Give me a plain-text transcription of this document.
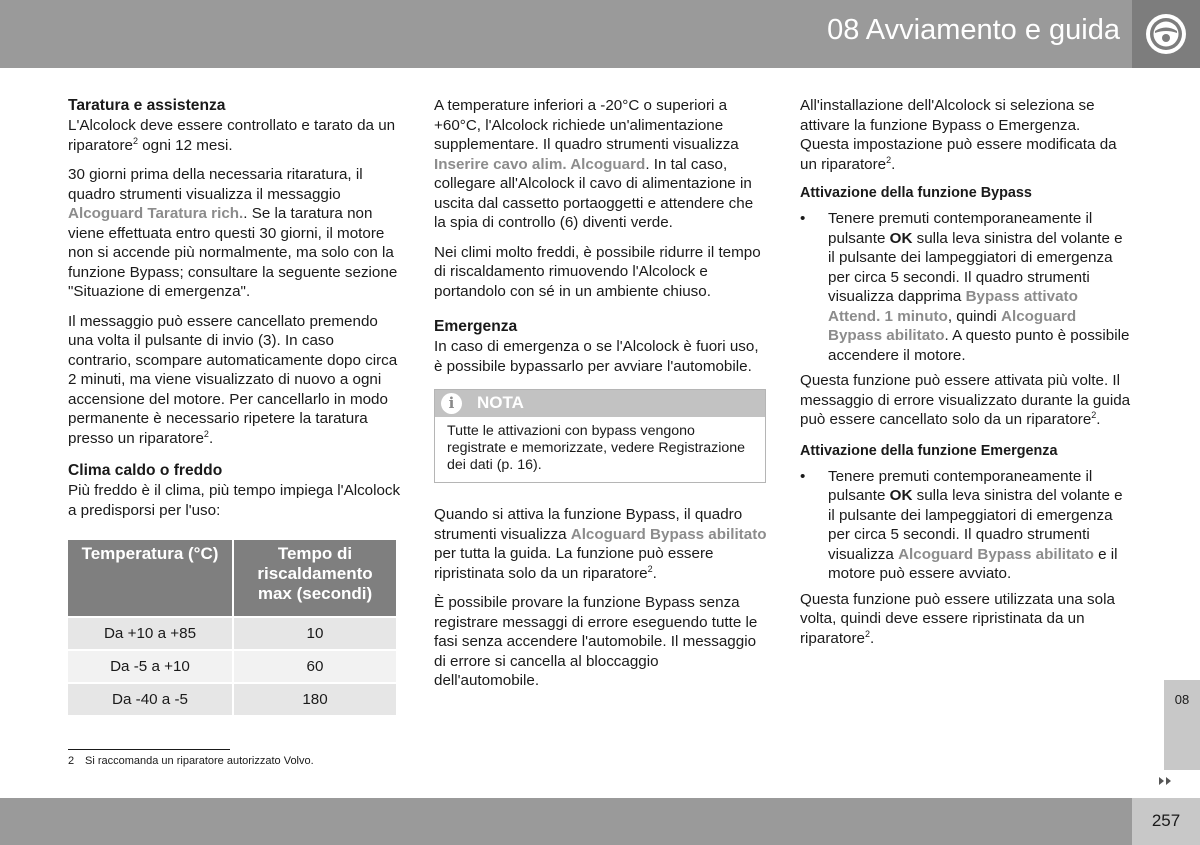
08 Avviamento e guida
Taratura e assistenza

L'Alcolock deve essere controllato e tarato da un riparatore$^2$ ogni 12 mesi.

30 giorni prima della necessaria ritaratura, il quadro strumenti visualizza il messaggio Alcoguard Taratura rich.. Se la taratura non viene effettuata entro questi 30 giorni, il motore non si accende più normalmente, ma solo con la funzione Bypass; consultare la seguente sezione "Situazione di emergenza".

Il messaggio può essere cancellato premendo una volta il pulsante di invio (3). In caso contrario, scompare automaticamente dopo circa 2 minuti, ma viene visualizzato di nuovo a ogni accensione del motore. Per cancellarlo in modo permanente è necessario ripetere la taratura presso un riparatore$^2$.

Clima caldo o freddo

Più freddo è il clima, più tempo impiega l'Alcolock a predisporsi per l'uso:

Temperatura (°C)	Tempo di riscaldamento max (secondi)
Da +10 a +85	10
Da -5 a +10	60
Da -40 a -5	180

A temperature inferiori a -20°C o superiori a +60°C, l'Alcolock richiede un'alimentazione supplementare. Il quadro strumenti visualizza Inserire cavo alim. Alcoguard. In tal caso, collegare all'Alcolock il cavo di alimentazione in uscita dal cassetto portaoggetti e attendere che la spia di controllo (6) diventi verde.

Nei climi molto freddi, è possibile ridurre il tempo di riscaldamento rimuovendo l'Alcolock e portandolo con sé in un ambiente chiuso.

Emergenza

In caso di emergenza o se l'Alcolock è fuori uso, è possibile bypassarlo per avviare l'automobile.

i	NOTA
Tutte le attivazioni con bypass vengono registrate e memorizzate, vedere Registrazione dei dati (p. 16).

Quando si attiva la funzione Bypass, il quadro strumenti visualizza Alcoguard Bypass abilitato per tutta la guida. La funzione può essere ripristinata solo da un riparatore$^2$.

È possibile provare la funzione Bypass senza registrare messaggi di errore eseguendo tutte le fasi senza accendere l'automobile. Il messaggio di errore si cancella al bloccaggio dell'automobile.

All'installazione dell'Alcolock si seleziona se attivare la funzione Bypass o Emergenza. Questa impostazione può essere modificata da un riparatore$^2$.

Attivazione della funzione Bypass
• Tenere premuti contemporaneamente il pulsante OK sulla leva sinistra del volante e il pulsante dei lampeggiatori di emergenza per circa 5 secondi. Il quadro strumenti visualizza dapprima Bypass attivato Attend. 1 minuto, quindi Alcoguard Bypass abilitato. A questo punto è possibile accendere il motore.

Questa funzione può essere attivata più volte. Il messaggio di errore visualizzato durante la guida può essere cancellato solo da un riparatore$^2$.

Attivazione della funzione Emergenza
• Tenere premuti contemporaneamente il pulsante OK sulla leva sinistra del volante e il pulsante dei lampeggiatori di emergenza per circa 5 secondi. Il quadro strumenti visualizza Alcoguard Bypass abilitato e il motore può essere avviato.

Questa funzione può essere utilizzata una sola volta, quindi deve essere ripristinata da un riparatore$^2$.

2 Si raccomanda un riparatore autorizzato Volvo.
08
257
